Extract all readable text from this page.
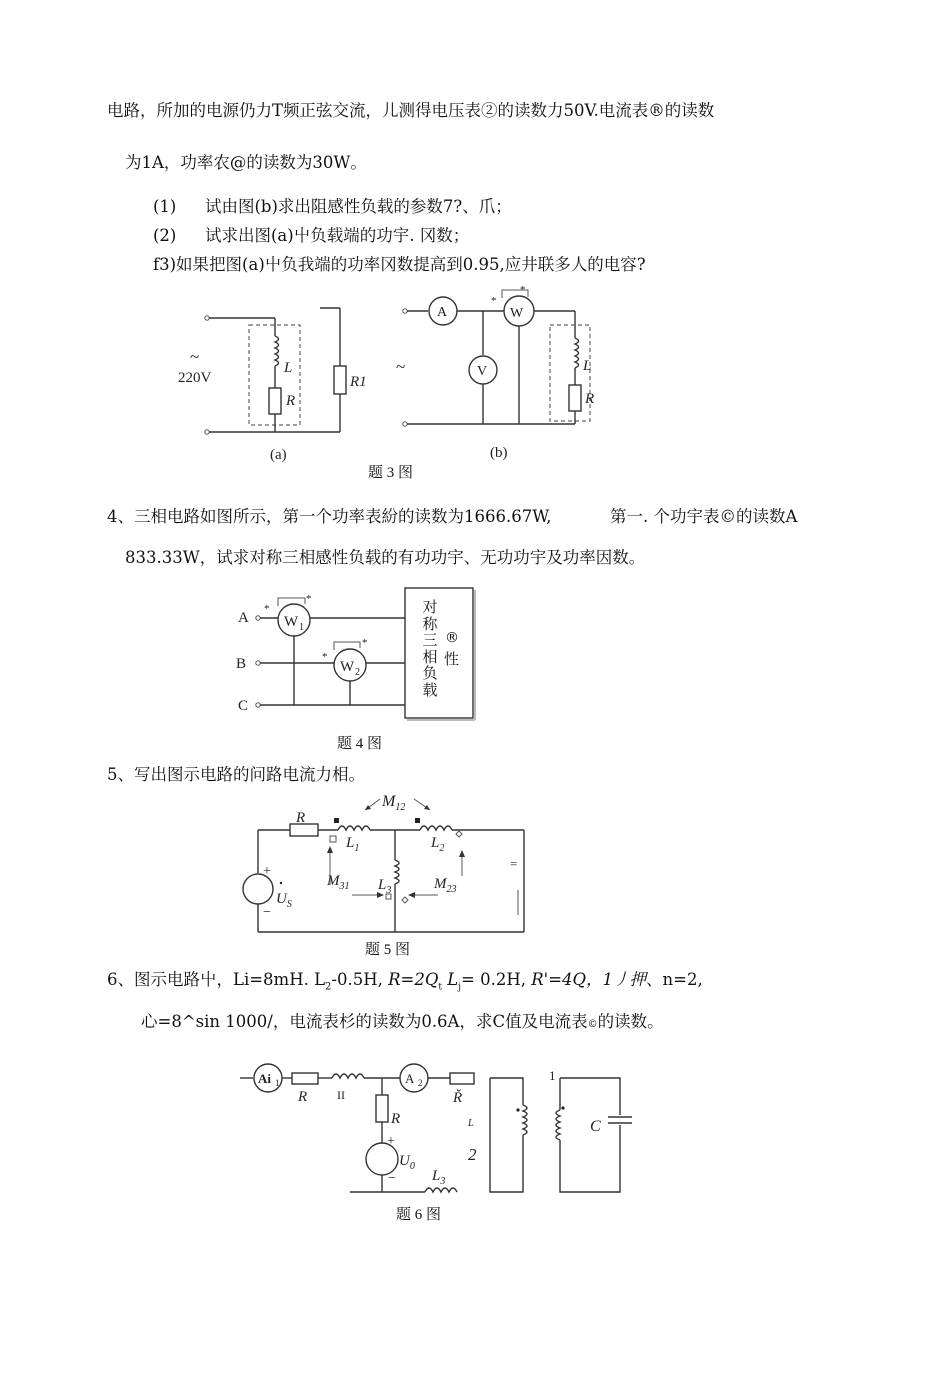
电路，所加的电源仍力T频正弦交流，儿测得电压表②的读数力50V.电流表®的读数
为1A，功率农@的读数为30W。
(1) 试由图(b)求出阻感性负载的参数7?、爪；
(2) 试求出图(a)屮负载端的功宇. 冈数；
f3)如果把图(a)屮负我端的功率冈数提高到0.95,应井联多人的电容?
~
220V
L
R
R1
(a)
~
A	W
*
*
V	L
R
(b)
题 3 图
4、三相电路如图所示，第一个功率表紛的读数为1666.67W,	第一. 个功宇表©的读数A
833.33W，试求对称三相感性负载的有功功宇、无功功宇及功率因数。
A
B
C
W 1
*
*
W 2
*
*
对
称
三
相
负
载
®
性
题 4 图
5、写出图示电路的问路电流力相。
R
$M_{12}$
$L_1$	$L_2$
$L_3$
$M_{31}$	$M_{23}$
+
−
$U_S$
=
题 5 图
6、图示电路屮，Li=8mH. $L_2-0.5H$, $R=2Q_t$ $L_j= 0.2H$, R'=4Q，1丿押、n=2,
心=8^sin 1000/，电流表杉的读数为0.6A，求C值及电流表©的读数。
Ai 1	A 2
R II	Ř
R
+
−
$U_0$
$L_3$
L
2
1
C
题 6 图
